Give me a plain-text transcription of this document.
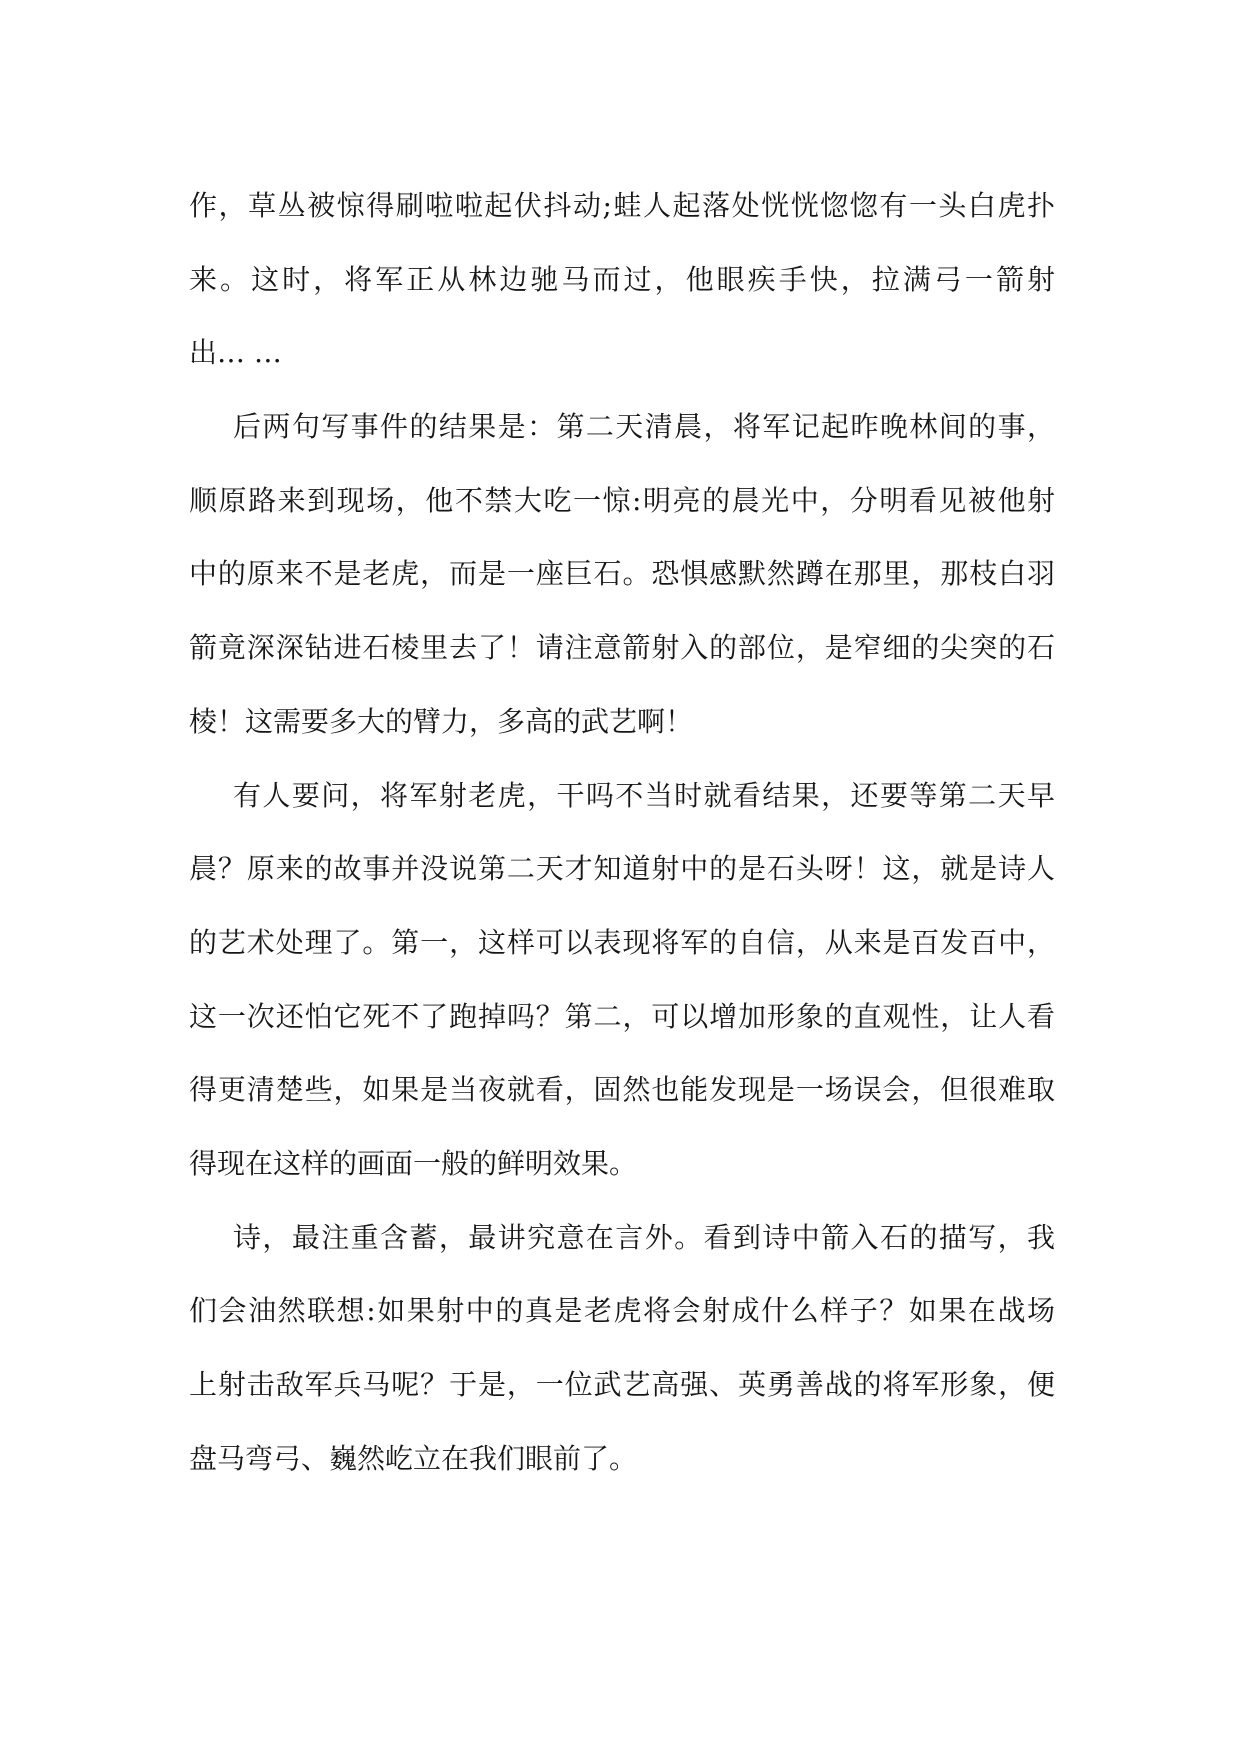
作，草丛被惊得刷啦啦起伏抖动;蛙人起落处恍恍惚惚有一头白虎扑
来。这时，将军正从林边驰马而过，他眼疾手快，拉满弓一箭射
出… …
后两句写事件的结果是：第二天清晨，将军记起昨晚林间的事，
顺原路来到现场，他不禁大吃一惊:明亮的晨光中，分明看见被他射
中的原来不是老虎，而是一座巨石。恐惧感默然蹲在那里，那枝白羽
箭竟深深钻进石棱里去了！请注意箭射入的部位，是窄细的尖突的石
棱！这需要多大的臂力，多高的武艺啊！
有人要问，将军射老虎，干吗不当时就看结果，还要等第二天早
晨？原来的故事并没说第二天才知道射中的是石头呀！这，就是诗人
的艺术处理了。第一，这样可以表现将军的自信，从来是百发百中，
这一次还怕它死不了跑掉吗？第二，可以增加形象的直观性，让人看
得更清楚些，如果是当夜就看，固然也能发现是一场误会，但很难取
得现在这样的画面一般的鲜明效果。
诗，最注重含蓄，最讲究意在言外。看到诗中箭入石的描写，我
们会油然联想:如果射中的真是老虎将会射成什么样子？如果在战场
上射击敌军兵马呢？于是，一位武艺高强、英勇善战的将军形象，便
盘马弯弓、巍然屹立在我们眼前了。
